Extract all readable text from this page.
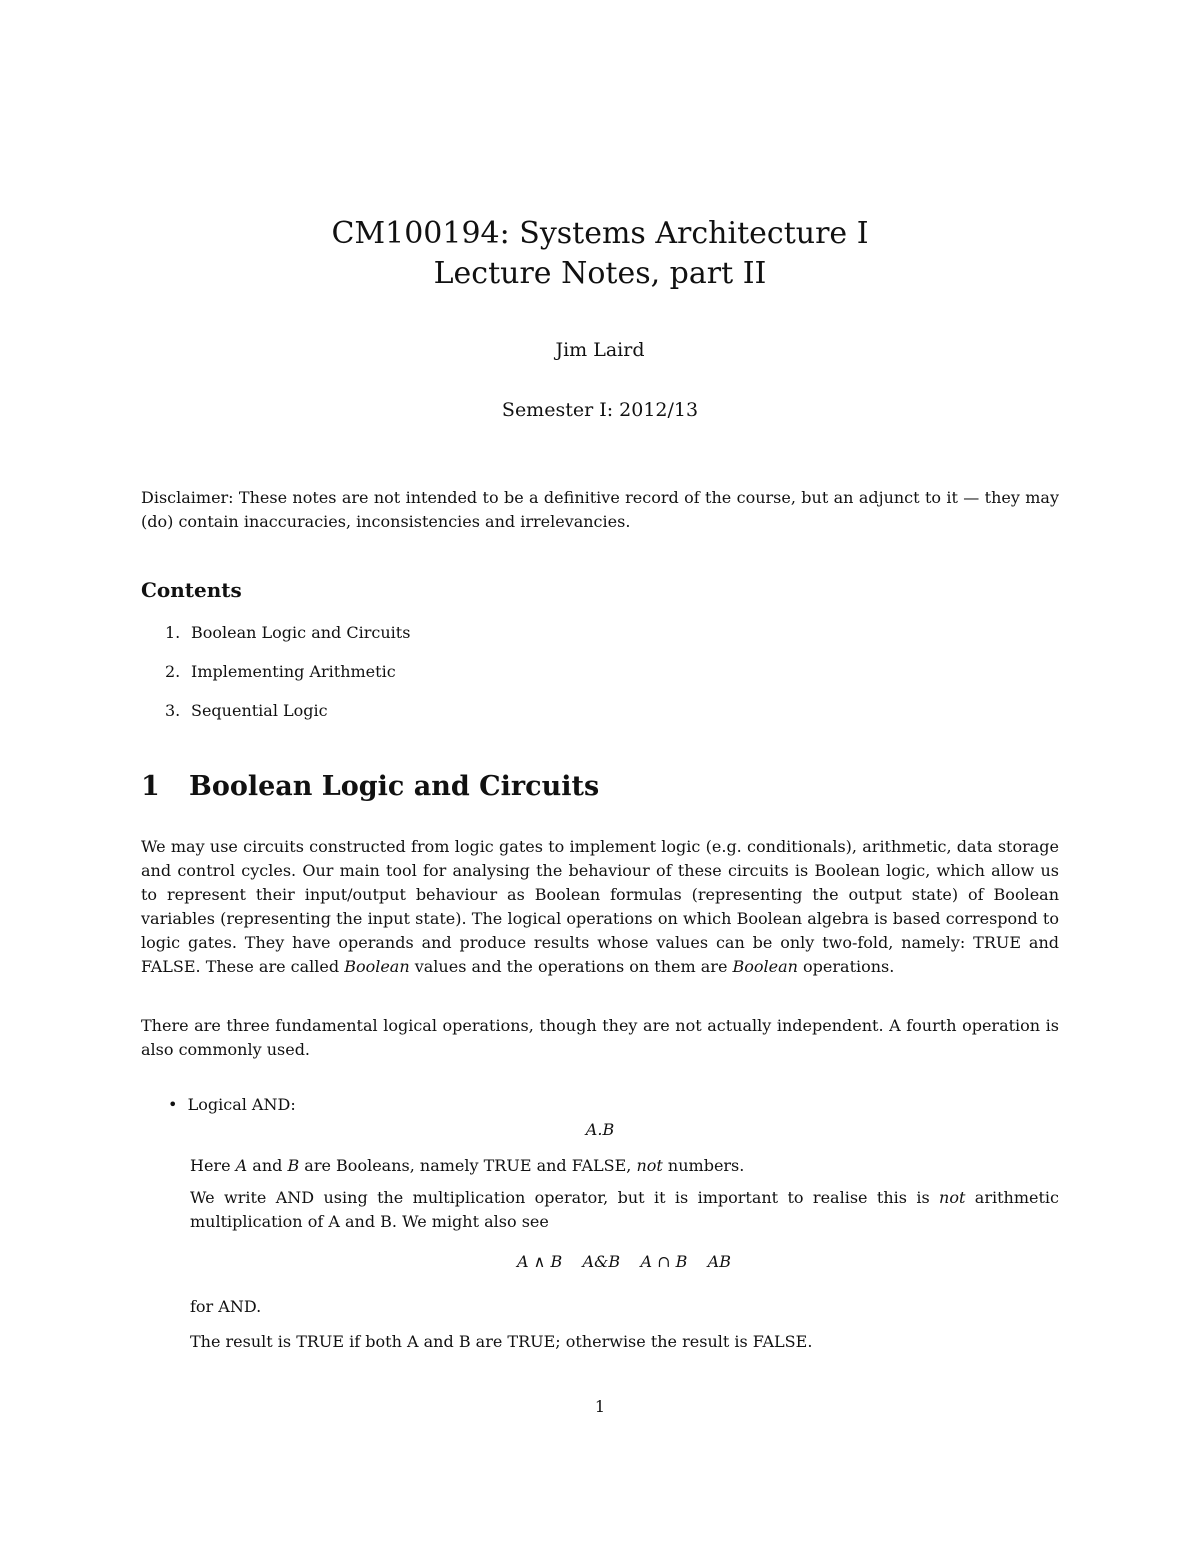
CM100194: Systems Architecture I
Lecture Notes, part II
Jim Laird
Semester I: 2012/13

Disclaimer: These notes are not intended to be a definitive record of the course, but an adjunct to it — they may (do) contain inaccuracies, inconsistencies and irrelevancies.

Contents
1. Boolean Logic and Circuits
2. Implementing Arithmetic
3. Sequential Logic
1 Boolean Logic and Circuits

We may use circuits constructed from logic gates to implement logic (e.g. conditionals), arithmetic, data storage and control cycles. Our main tool for analysing the behaviour of these circuits is Boolean logic, which allow us to represent their input/output behaviour as Boolean formulas (representing the output state) of Boolean variables (representing the input state). The logical operations on which Boolean algebra is based correspond to logic gates. They have operands and produce results whose values can be only two-fold, namely: TRUE and FALSE. These are called Boolean values and the operations on them are Boolean operations.

There are three fundamental logical operations, though they are not actually independent. A fourth operation is also commonly used.

• Logical AND:
A.B
Here A and B are Booleans, namely TRUE and FALSE, not numbers.
We write AND using the multiplication operator, but it is important to realise this is not arithmetic multiplication of A and B. We might also see
A ∧ B    A&B    A ∩ B    AB
for AND.
The result is TRUE if both A and B are TRUE; otherwise the result is FALSE.
1
